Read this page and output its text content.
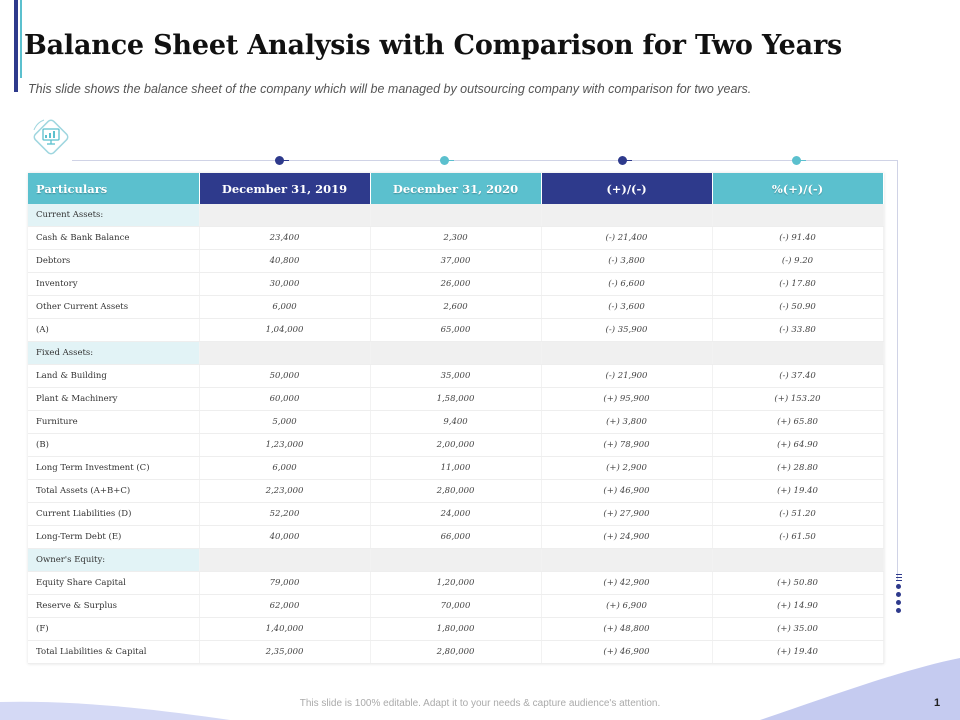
Balance Sheet Analysis with Comparison for Two Years

This slide shows the balance sheet of the company which will be managed by outsourcing company with comparison for two years.

Particulars	December 31, 2019	December 31, 2020	(+)/(-)	%(+)/(-)
Current Assets:				
Cash & Bank Balance	23,400	2,300	(-) 21,400	(-) 91.40
Debtors	40,800	37,000	(-) 3,800	(-) 9.20
Inventory	30,000	26,000	(-) 6,600	(-) 17.80
Other Current Assets	6,000	2,600	(-) 3,600	(-) 50.90
(A)	1,04,000	65,000	(-) 35,900	(-) 33.80
Fixed Assets:				
Land & Building	50,000	35,000	(-) 21,900	(-) 37.40
Plant & Machinery	60,000	1,58,000	(+) 95,900	(+) 153.20
Furniture	5,000	9,400	(+) 3,800	(+) 65.80
(B)	1,23,000	2,00,000	(+) 78,900	(+) 64.90
Long Term Investment (C)	6,000	11,000	(+) 2,900	(+) 28.80
Total Assets (A+B+C)	2,23,000	2,80,000	(+) 46,900	(+) 19.40
Current Liabilities (D)	52,200	24,000	(+) 27,900	(-) 51.20
Long-Term Debt (E)	40,000	66,000	(+) 24,900	(-) 61.50
Owner's Equity:				
Equity Share Capital	79,000	1,20,000	(+) 42,900	(+) 50.80
Reserve & Surplus	62,000	70,000	(+) 6,900	(+) 14.90
(F)	1,40,000	1,80,000	(+) 48,800	(+) 35.00
Total Liabilities & Capital	2,35,000	2,80,000	(+) 46,900	(+) 19.40
This slide is 100% editable. Adapt it to your needs & capture audience's attention.	1
